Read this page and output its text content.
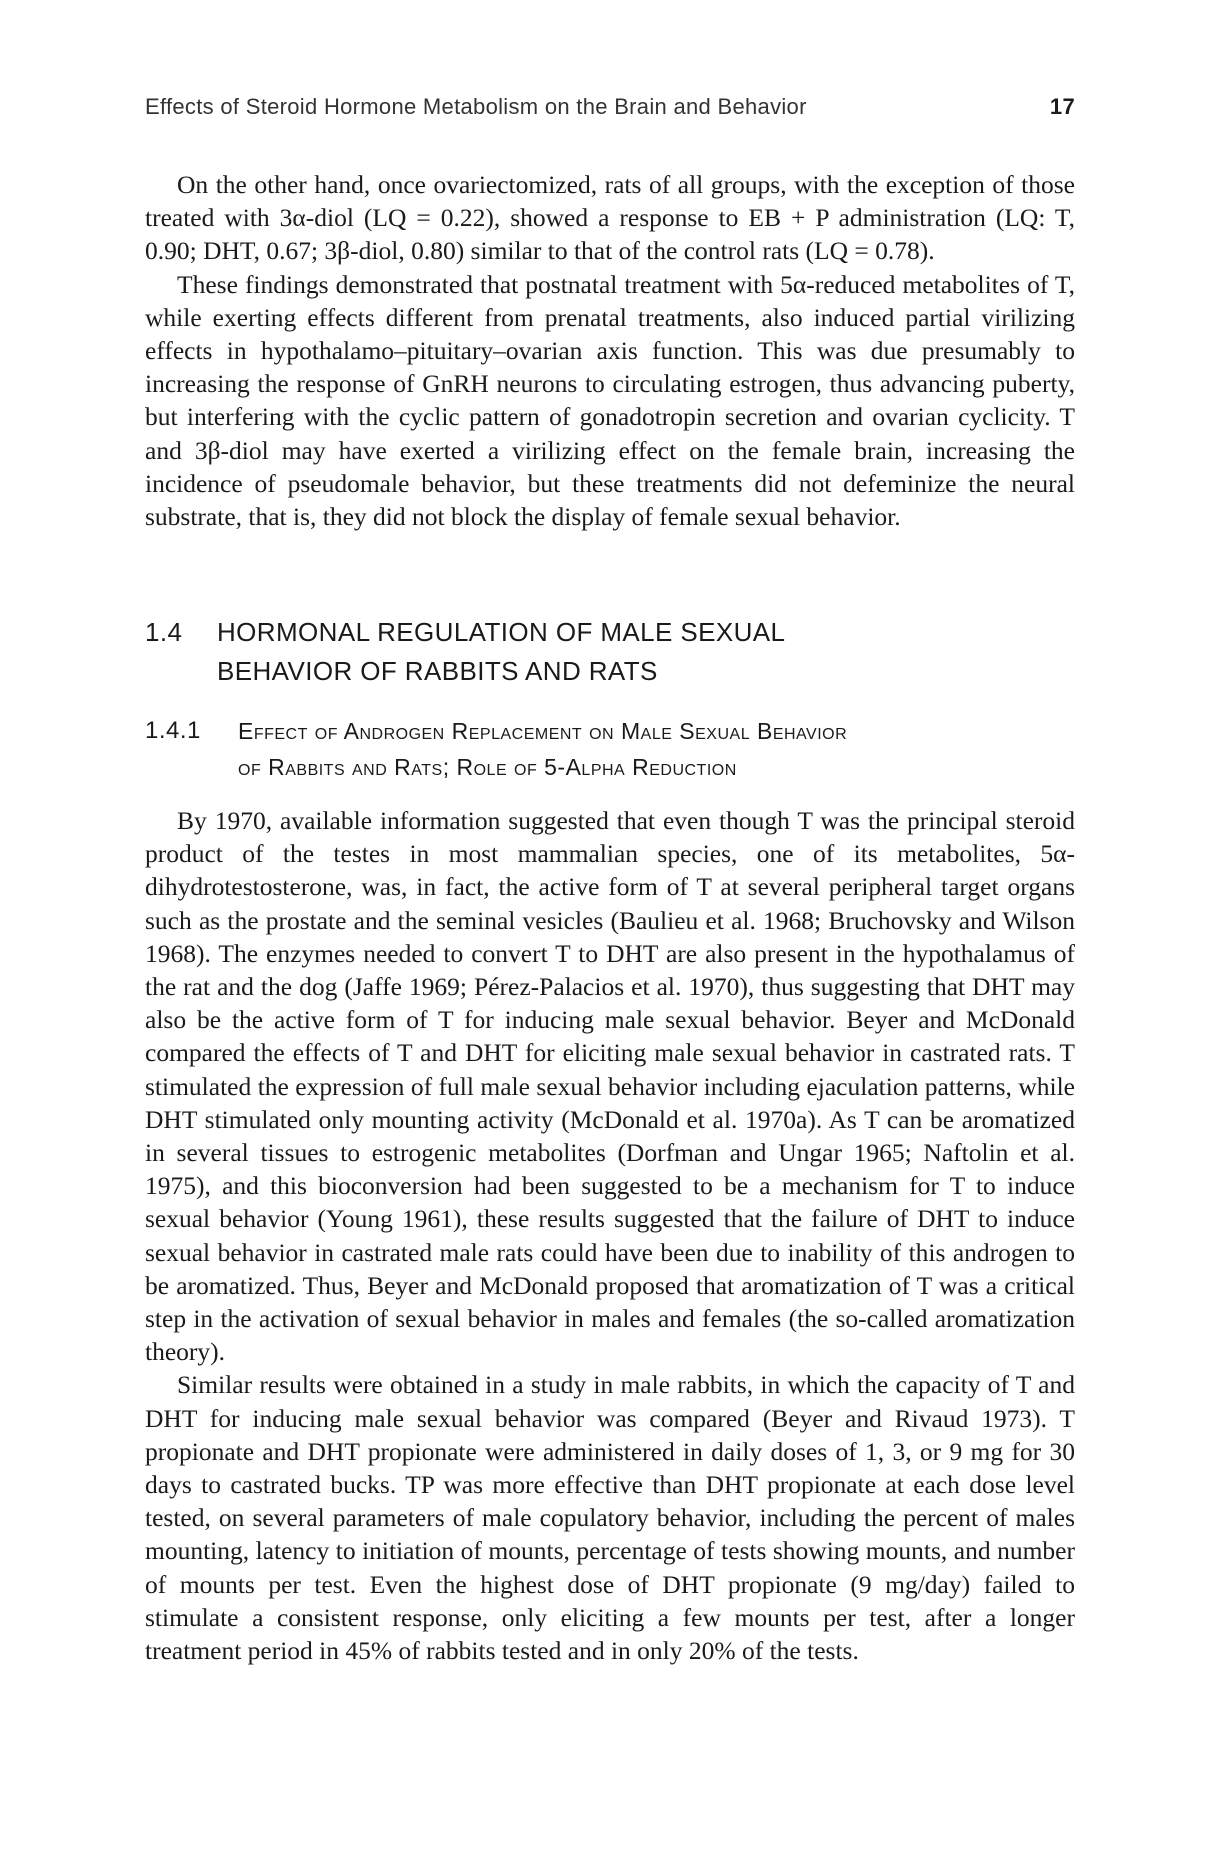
Effects of Steroid Hormone Metabolism on the Brain and Behavior	17

On the other hand, once ovariectomized, rats of all groups, with the exception of those treated with 3α-diol (LQ = 0.22), showed a response to EB + P administration (LQ: T, 0.90; DHT, 0.67; 3β-diol, 0.80) similar to that of the control rats (LQ = 0.78).

These findings demonstrated that postnatal treatment with 5α-reduced metabolites of T, while exerting effects different from prenatal treatments, also induced partial virilizing effects in hypothalamo–pituitary–ovarian axis function. This was due presumably to increasing the response of GnRH neurons to circulating estrogen, thus advancing puberty, but interfering with the cyclic pattern of gonadotropin secretion and ovarian cyclicity. T and 3β-diol may have exerted a virilizing effect on the female brain, increasing the incidence of pseudomale behavior, but these treatments did not defeminize the neural substrate, that is, they did not block the display of female sexual behavior.

1.4	HORMONAL REGULATION OF MALE SEXUAL
BEHAVIOR OF RABBITS AND RATS
1.4.1	Effect of Androgen Replacement on Male Sexual Behavior
of Rabbits and Rats; Role of 5-Alpha Reduction

By 1970, available information suggested that even though T was the principal steroid product of the testes in most mammalian species, one of its metabolites, 5α-dihydrotestosterone, was, in fact, the active form of T at several peripheral target organs such as the prostate and the seminal vesicles (Baulieu et al. 1968; Bruchovsky and Wilson 1968). The enzymes needed to convert T to DHT are also present in the hypothalamus of the rat and the dog (Jaffe 1969; Pérez-Palacios et al. 1970), thus suggesting that DHT may also be the active form of T for inducing male sexual behavior. Beyer and McDonald compared the effects of T and DHT for eliciting male sexual behavior in castrated rats. T stimulated the expression of full male sexual behavior including ejaculation patterns, while DHT stimulated only mounting activity (McDonald et al. 1970a). As T can be aromatized in several tissues to estrogenic metabolites (Dorfman and Ungar 1965; Naftolin et al. 1975), and this bioconversion had been suggested to be a mechanism for T to induce sexual behavior (Young 1961), these results suggested that the failure of DHT to induce sexual behavior in castrated male rats could have been due to inability of this androgen to be aromatized. Thus, Beyer and McDonald proposed that aromatization of T was a critical step in the activation of sexual behavior in males and females (the so-called aromatization theory).

Similar results were obtained in a study in male rabbits, in which the capacity of T and DHT for inducing male sexual behavior was compared (Beyer and Rivaud 1973). T propionate and DHT propionate were administered in daily doses of 1, 3, or 9 mg for 30 days to castrated bucks. TP was more effective than DHT propionate at each dose level tested, on several parameters of male copulatory behavior, including the percent of males mounting, latency to initiation of mounts, percentage of tests showing mounts, and number of mounts per test. Even the highest dose of DHT propionate (9 mg/day) failed to stimulate a consistent response, only eliciting a few mounts per test, after a longer treatment period in 45% of rabbits tested and in only 20% of the tests.
